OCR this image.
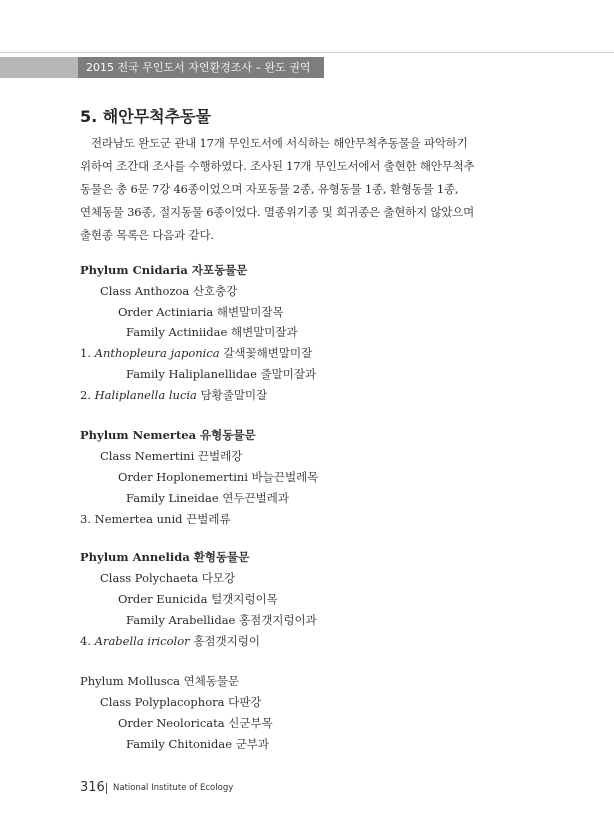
2015 전국 무인도서 자연환경조사 – 완도 권역
5. 해안무척추동물
전라남도 완도군 관내 17개 무인도서에 서식하는 해안무척추동물을 파악하기
위하여 조간대 조사를 수행하였다. 조사된 17개 무인도서에서 출현한 해안무척추
동물은 총 6문 7강 46종이었으며 자포동물 2종, 유형동물 1종, 환형동물 1종,
연체동물 36종, 절지동물 6종이었다. 멸종위기종 및 희귀종은 출현하지 않았으며
출현종 목록은 다음과 같다.

Phylum Cnidaria 자포동물문

Class Anthozoa 산호충강

Order Actiniaria 해변말미잘목

Family Actiniidae 해변말미잘과

1. Anthopleura japonica 갈색꽃해변말미잘

Family Haliplanellidae 줄말미잘과

2. Haliplanella lucia 담황줄말미잘

Phylum Nemertea 유형동물문

Class Nemertini 끈벌레강

Order Hoplonemertini 바늘끈벌레목

Family Lineidae 연두끈벌레과

3. Nemertea unid 끈벌레류

Phylum Annelida 환형동물문

Class Polychaeta 다모강

Order Eunicida 털갯지렁이목

Family Arabellidae 홍점갯지렁이과

4. Arabella iricolor 홍점갯지렁이

Phylum Mollusca 연체동물문

Class Polyplacophora 다판강

Order Neoloricata 신군부목

Family Chitonidae 군부과

316 National Institute of Ecology
